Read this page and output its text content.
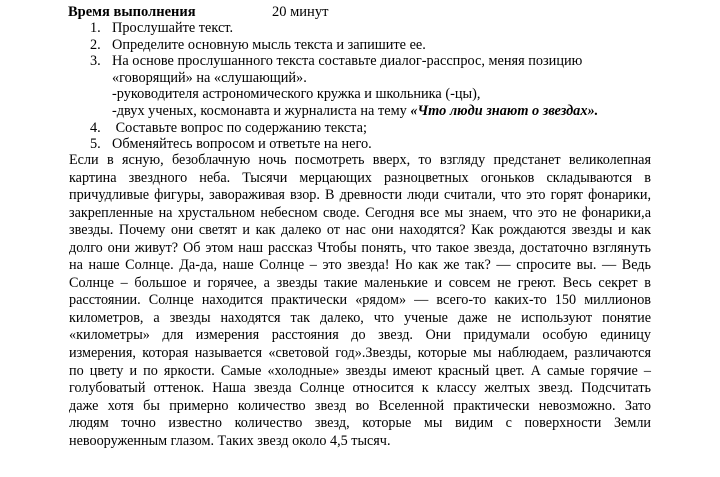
Время выполнения	20 минут
1. Прослушайте текст.
2. Определите основную мысль текста и запишите ее.
3. На основе прослушанного текста составьте диалог-расспрос, меняя позицию
«говорящий» на «слушающий».
-руководителя астрономического кружка и школьника (-цы),
-двух ученых, космонавта и журналиста на тему «Что люди знают о звездах».
4. Составьте вопрос по содержанию текста;
5. Обменяйтесь вопросом и ответьте на него.
Если в ясную, безоблачную ночь посмотреть вверх, то взгляду предстанет великолепная
картина звездного неба. Тысячи мерцающих разноцветных огоньков складываются в
причудливые фигуры, завораживая взор. В древности люди считали, что это горят фонарики,
закрепленные на хрустальном небесном своде. Сегодня все мы знаем, что это не фонарики,а
звезды. Почему они светят и как далеко от нас они находятся? Как рождаются звезды и как
долго они живут? Об этом наш рассказ Чтобы понять, что такое звезда, достаточно взглянуть
на наше Солнце. Да-да, наше Солнце – это звезда! Но как же так? — спросите вы. — Ведь
Солнце – большое и горячее, а звезды такие маленькие и совсем не греют. Весь секрет в
расстоянии. Солнце находится практически «рядом» — всего-то каких-то 150 миллионов
километров, а звезды находятся так далеко, что ученые даже не используют понятие
«километры» для измерения расстояния до звезд. Они придумали особую единицу
измерения, которая называется «световой год».Звезды, которые мы наблюдаем, различаются
по цвету и по яркости. Самые «холодные» звезды имеют красный цвет. А самые горячие –
голубоватый оттенок. Наша звезда Солнце относится к классу желтых звезд. Подсчитать
даже хотя бы примерно количество звезд во Вселенной практически невозможно. Зато
людям точно известно количество звезд, которые мы видим с поверхности Земли
невооруженным глазом. Таких звезд около 4,5 тысяч.
